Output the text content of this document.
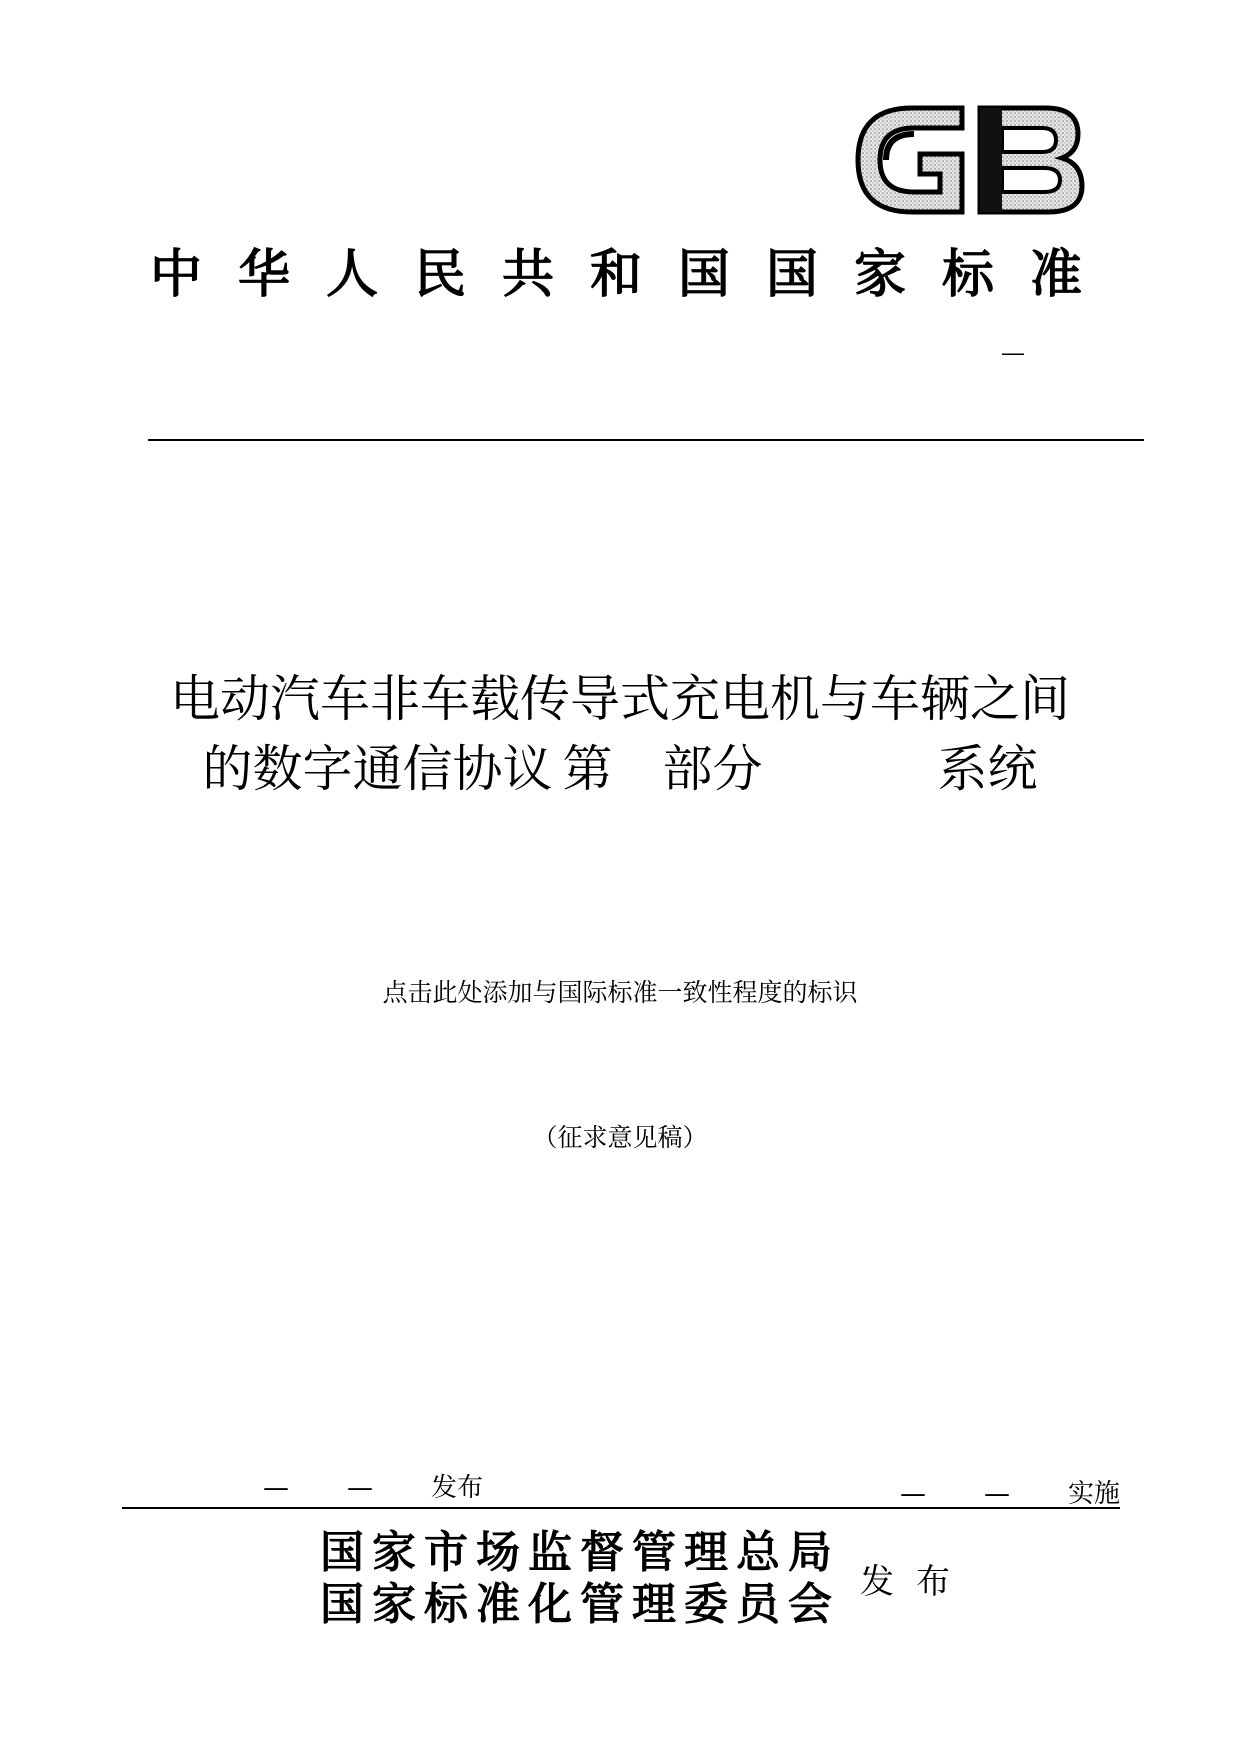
中华人民共和国国家标准
—
电动汽车非车载传导式充电机与车辆之间
的数字通信协议 第 部分	系统
点击此处添加与国际标准一致性程度的标识
（征求意见稿）
— — 发布	— — 实施
国家市场监督管理总局
国家标准化管理委员会 发布
